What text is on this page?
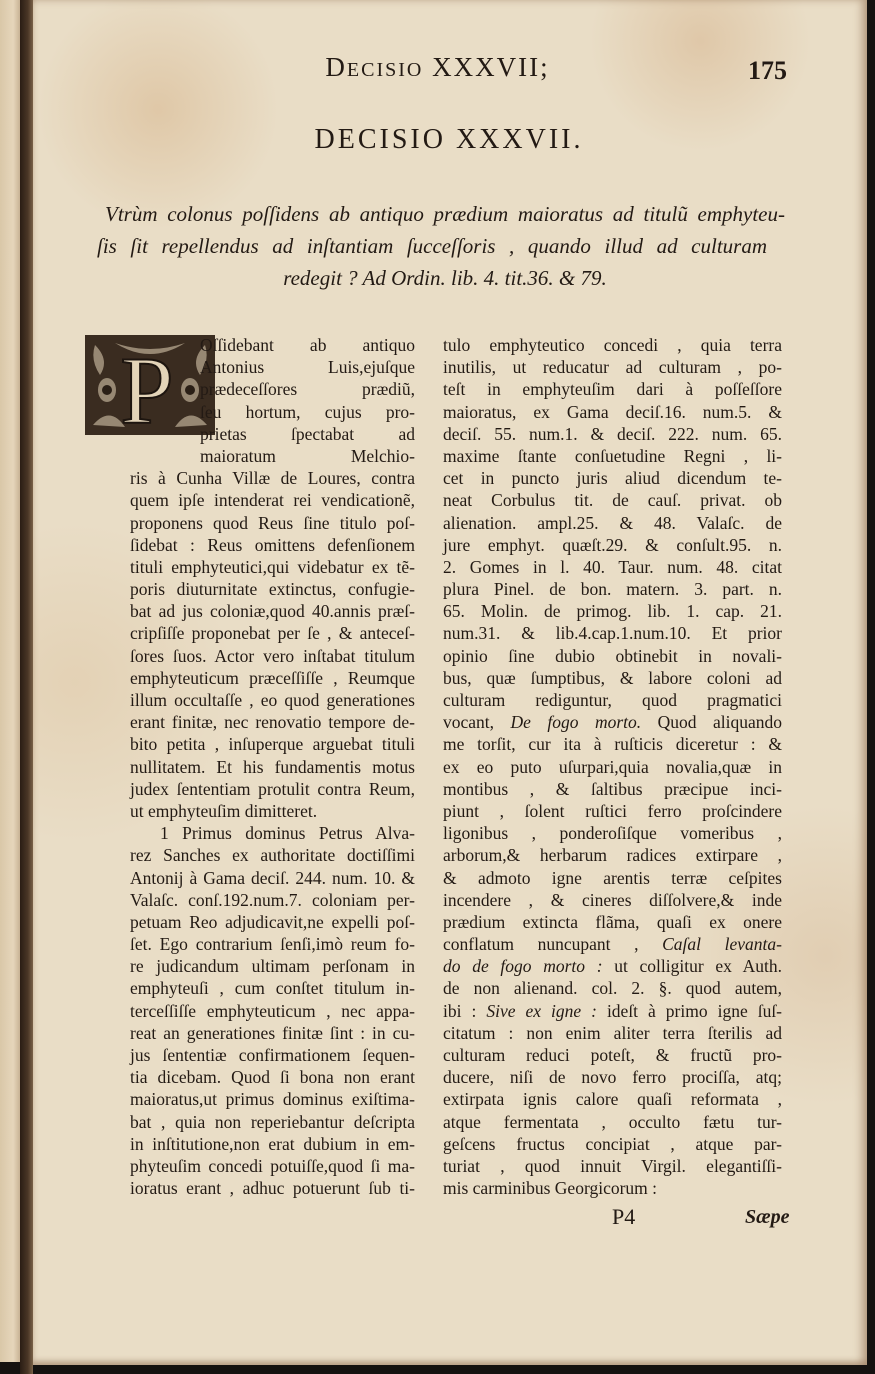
DECISIO XXXVII;	175
DECISIO XXXVII.
Vtrùm colonus poſſidens ab antiquo prædium maioratus ad titulũ emphyteu-
ſis ſit repellendus ad inſtantiam ſucceſſoris , quando illud ad culturam
redegit ? Ad Ordin. lib. 4. tit.36. & 79.
P Oſſidebant ab antiquo
Antonius Luis,ejuſque
prædeceſſores prædiũ,
ſeu hortum, cujus pro-
prietas ſpectabat ad
maioratum Melchio-
ris à Cunha Villæ de Loures, contra
quem ipſe intenderat rei vendicationẽ,
proponens quod Reus ſine titulo poſ-
ſidebat : Reus omittens defenſionem
tituli emphyteutici,qui videbatur ex tẽ-
poris diuturnitate extinctus, confugie-
bat ad jus coloniæ,quod 40.annis præſ-
cripſiſſe proponebat per ſe , & anteceſ-
ſores ſuos. Actor vero inſtabat titulum
emphyteuticum præceſſiſſe , Reumque
illum occultaſſe , eo quod generationes
erant finitæ, nec renovatio tempore de-
bito petita , inſuperque arguebat tituli
nullitatem. Et his fundamentis motus
judex ſententiam protulit contra Reum,
ut emphyteuſim dimitteret.
1 Primus dominus Petrus Alva-
rez Sanches ex authoritate doctiſſimi
Antonij à Gama deciſ. 244. num. 10. &
Valaſc. conſ.192.num.7. coloniam per-
petuam Reo adjudicavit,ne expelli poſ-
ſet. Ego contrarium ſenſi,imò reum fo-
re judicandum ultimam perſonam in
emphyteuſi , cum conſtet titulum in-
terceſſiſſe emphyteuticum , nec appa-
reat an generationes finitæ ſint : in cu-
jus ſententiæ confirmationem ſequen-
tia dicebam. Quod ſi bona non erant
maioratus,ut primus dominus exiſtima-
bat , quia non reperiebantur deſcripta
in inſtitutione,non erat dubium in em-
phyteuſim concedi potuiſſe,quod ſi ma-
ioratus erant , adhuc potuerunt ſub ti-
tulo emphyteutico concedi , quia terra
inutilis, ut reducatur ad culturam , po-
teſt in emphyteuſim dari à poſſeſſore
maioratus, ex Gama deciſ.16. num.5. &
deciſ. 55. num.1. & deciſ. 222. num. 65.
maxime ſtante conſuetudine Regni , li-
cet in puncto juris aliud dicendum te-
neat Corbulus tit. de cauſ. privat. ob
alienation. ampl.25. & 48. Valaſc. de
jure emphyt. quæſt.29. & conſult.95. n.
2. Gomes in l. 40. Taur. num. 48. citat
plura Pinel. de bon. matern. 3. part. n.
65. Molin. de primog. lib. 1. cap. 21.
num.31. & lib.4.cap.1.num.10. Et prior
opinio ſine dubio obtinebit in novali-
bus, quæ ſumptibus, & labore coloni ad
culturam rediguntur, quod pragmatici
vocant, De fogo morto. Quod aliquando
me torſit, cur ita à ruſticis diceretur : &
ex eo puto uſurpari,quia novalia,quæ in
montibus , & ſaltibus præcipue inci-
piunt , ſolent ruſtici ferro proſcindere
ligonibus , ponderoſiſque vomeribus ,
arborum,& herbarum radices extirpare ,
& admoto igne arentis terræ ceſpites
incendere , & cineres diſſolvere,& inde
prædium extincta flãma, quaſi ex onere
conflatum nuncupant , Caſal levanta-
do de fogo morto : ut colligitur ex Auth.
de non alienand. col. 2. §. quod autem,
ibi : Sive ex igne : ideſt à primo igne ſuſ-
citatum : non enim aliter terra ſterilis ad
culturam reduci poteſt, & fructũ pro-
ducere, niſi de novo ferro prociſſa, atq;
extirpata ignis calore quaſi reformata ,
atque fermentata , occulto fætu tur-
geſcens fructus concipiat , atque par-
turiat , quod innuit Virgil. elegantiſſi-
mis carminibus Georgicorum :
P4	Sæpe
